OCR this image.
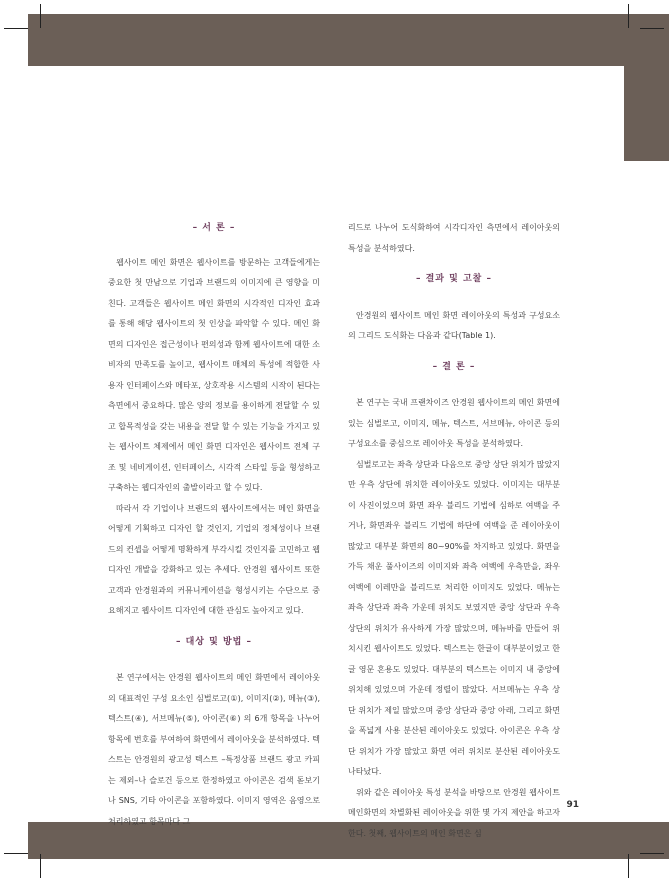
– 서 론 –

웹사이트 메인 화면은 웹사이트를 방문하는 고객들에게는 중요한 첫 만남으로 기업과 브랜드의 이미지에 큰 영향을 미친다. 고객들은 웹사이트 메인 화면의 시각적인 디자인 효과를 통해 해당 웹사이트의 첫 인상을 파악할 수 있다. 메인 화면의 디자인은 접근성이나 편의성과 함께 웹사이트에 대한 소비자의 만족도를 높이고, 웹사이트 매체의 특성에 적합한 사용자 인터페이스와 메타포, 상호작용 시스템의 시작이 된다는 측면에서 중요하다. 많은 양의 정보를 용이하게 전달할 수 있고 합목적성을 갖는 내용을 전달 할 수 있는 기능을 가지고 있는 웹사이트 체제에서 메인 화면 디자인은 웹사이트 전체 구조 및 네비게이션, 인터페이스, 시각적 스타일 등을 형성하고 구축하는 웹디자인의 출발이라고 할 수 있다.

따라서 각 기업이나 브랜드의 웹사이트에서는 메인 화면을 어떻게 기획하고 디자인 할 것인지, 기업의 정체성이나 브랜드의 컨셉을 어떻게 명확하게 부각시킬 것인지를 고민하고 웹디자인 개발을 강화하고 있는 추세다. 안경원 웹사이트 또한 고객과 안경원과의 커뮤니케이션을 형성시키는 수단으로 중요해지고 웹사이트 디자인에 대한 관심도 높아지고 있다.

– 대상 및 방법 –

본 연구에서는 안경원 웹사이트의 메인 화면에서 레이아웃의 대표적인 구성 요소인 심벌로고(①), 이미지(②), 메뉴(③), 텍스트(④), 서브메뉴(⑤), 아이콘(⑥) 의 6개 항목을 나누어 항목에 번호를 부여하여 화면에서 레이아웃을 분석하였다. 텍스트는 안경원의 광고성 텍스트 –특정상품 브랜드 광고 카피는 제외–나 슬로건 등으로 한정하였고 아이콘은 검색 돋보기나 SNS, 기타 아이콘을 포함하였다. 이미지 영역은 음영으로 처리하였고 항목마다 그

리드로 나누어 도식화하여 시각디자인 측면에서 레이아웃의 특성을 분석하였다.

– 결과 및 고찰 –

안경원의 웹사이트 메인 화면 레이아웃의 특성과 구성요소의 그리드 도식화는 다음과 같다(Table 1).

– 결 론 –

본 연구는 국내 프랜차이즈 안경원 웹사이트의 메인 화면에 있는 심벌로고, 이미지, 메뉴, 텍스트, 서브메뉴, 아이콘 등의 구성요소를 중심으로 레이아웃 특성을 분석하였다.

심벌로고는 좌측 상단과 다음으로 중앙 상단 위치가 많았지만 우측 상단에 위치한 레이아웃도 있었다. 이미지는 대부분이 사진이었으며 화면 좌우 블리드 기법에 심하로 여백을 주거나, 화면좌우 블리드 기법에 하단에 여백을 준 레이아웃이 많았고 대부분 화면의 80~90%를 차지하고 있었다. 화면을 가득 채운 풀사이즈의 이미지와 좌측 여백에 우측만을, 좌우 여백에 이레만을 블리드로 처리한 이미지도 있었다. 메뉴는 좌측 상단과 좌측 가운데 위치도 보였지만 중앙 상단과 우측 상단의 위치가 유사하게 가장 많았으며, 메뉴바를 만들어 위치시킨 웹사이트도 있었다. 텍스트는 한글이 대부분이었고 한글 영문 혼용도 있었다. 대부분의 텍스트는 이미지 내 중앙에 위치해 있었으며 가운데 정렬이 많았다. 서브메뉴는 우측 상단 위치가 제일 많았으며 중앙 상단과 중앙 아래, 그리고 화면을 폭넓게 사용 분산된 레이아웃도 있었다. 아이콘은 우측 상단 위치가 가장 많았고 화면 여러 위치로 분산된 레이아웃도 나타났다.

위와 같은 레이아웃 특성 분석을 바탕으로 안경원 웹사이트 메인화면의 차별화된 레이아웃을 위한 몇 가지 제안을 하고자 한다. 첫째, 웹사이트의 메인 화면은 심

91
